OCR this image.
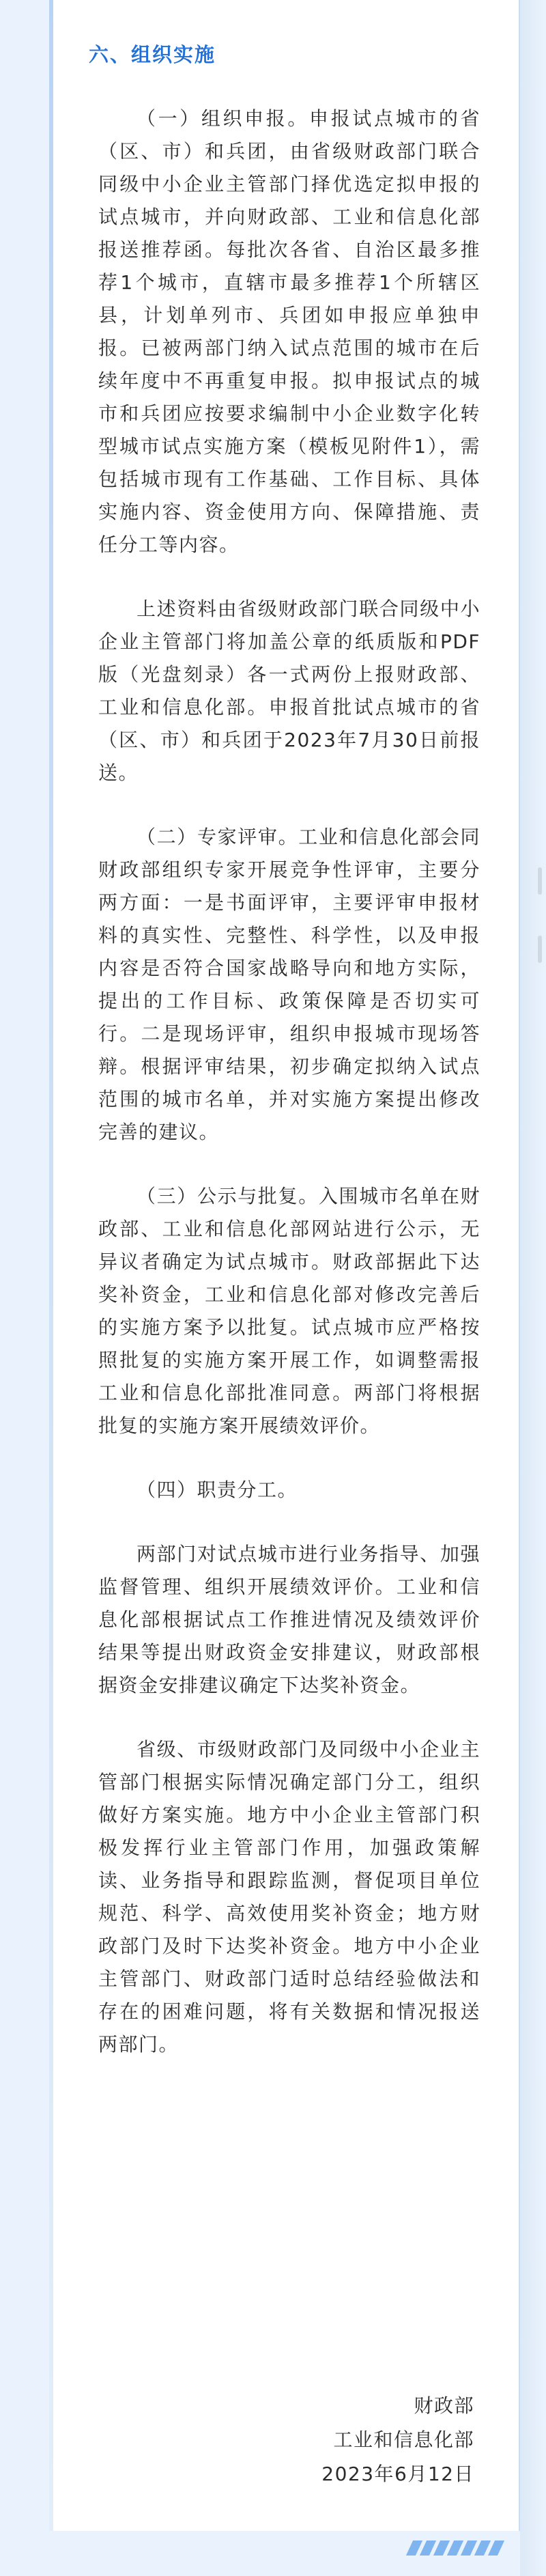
六、组织实施

（一）组织申报。申报试点城市的省（区、市）和兵团，由省级财政部门联合同级中小企业主管部门择优选定拟申报的试点城市，并向财政部、工业和信息化部报送推荐函。每批次各省、自治区最多推荐1个城市，直辖市最多推荐1个所辖区县，计划单列市、兵团如申报应单独申报。已被两部门纳入试点范围的城市在后续年度中不再重复申报。拟申报试点的城市和兵团应按要求编制中小企业数字化转型城市试点实施方案（模板见附件1），需包括城市现有工作基础、工作目标、具体实施内容、资金使用方向、保障措施、责任分工等内容。

上述资料由省级财政部门联合同级中小企业主管部门将加盖公章的纸质版和PDF版（光盘刻录）各一式两份上报财政部、工业和信息化部。申报首批试点城市的省（区、市）和兵团于2023年7月30日前报送。

（二）专家评审。工业和信息化部会同财政部组织专家开展竞争性评审，主要分两方面：一是书面评审，主要评审申报材料的真实性、完整性、科学性，以及申报内容是否符合国家战略导向和地方实际，提出的工作目标、政策保障是否切实可行。二是现场评审，组织申报城市现场答辩。根据评审结果，初步确定拟纳入试点范围的城市名单，并对实施方案提出修改完善的建议。

（三）公示与批复。入围城市名单在财政部、工业和信息化部网站进行公示，无异议者确定为试点城市。财政部据此下达奖补资金，工业和信息化部对修改完善后的实施方案予以批复。试点城市应严格按照批复的实施方案开展工作，如调整需报工业和信息化部批准同意。两部门将根据批复的实施方案开展绩效评价。

（四）职责分工。

两部门对试点城市进行业务指导、加强监督管理、组织开展绩效评价。工业和信息化部根据试点工作推进情况及绩效评价结果等提出财政资金安排建议，财政部根据资金安排建议确定下达奖补资金。

省级、市级财政部门及同级中小企业主管部门根据实际情况确定部门分工，组织做好方案实施。地方中小企业主管部门积极发挥行业主管部门作用，加强政策解读、业务指导和跟踪监测，督促项目单位规范、科学、高效使用奖补资金；地方财政部门及时下达奖补资金。地方中小企业主管部门、财政部门适时总结经验做法和存在的困难问题，将有关数据和情况报送两部门。

财政部
工业和信息化部
2023年6月12日
